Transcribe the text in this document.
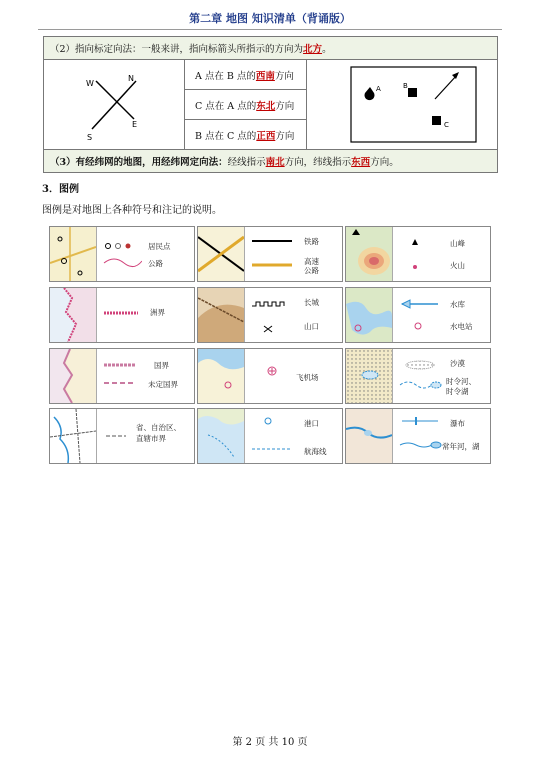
第二章 地图 知识清单（背诵版）
（2）指向标定向法：一般来讲，指向标箭头所指示的方向为北方。

N
W
E
S
	A 点在 B 点的西南方向	
A	B
C

C 点在 A 点的东北方向
B 点在 C 点的正西方向
（3）有经纬网的地图，用经纬网定向法：经线指示南北方向，纬线指示东西方向。
3．图例
图例是对地图上各种符号和注记的说明。
居民点
公路
铁路
高速
公路
山峰
火山
洲界
长城
山口
水库
水电站
国界
未定国界
飞机场
沙漠
时令河、
时令湖
省、自治区、
直辖市界
港口
航海线
瀑布
常年河，湖
第 2 页 共 10 页
